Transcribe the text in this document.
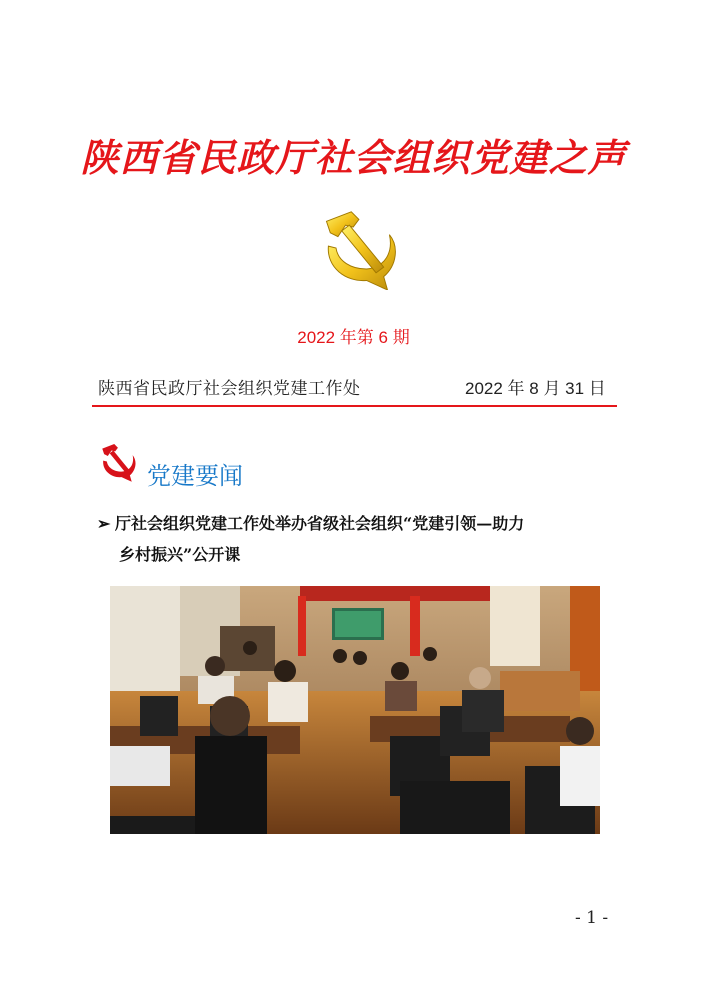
陕西省民政厅社会组织党建之声
2022 年第 6 期
陕西省民政厅社会组织党建工作处	2022 年 8 月 31 日
党建要闻
➢ 厅社会组织党建工作处举办省级社会组织“党建引领—助力
乡村振兴”公开课
- 1 -
